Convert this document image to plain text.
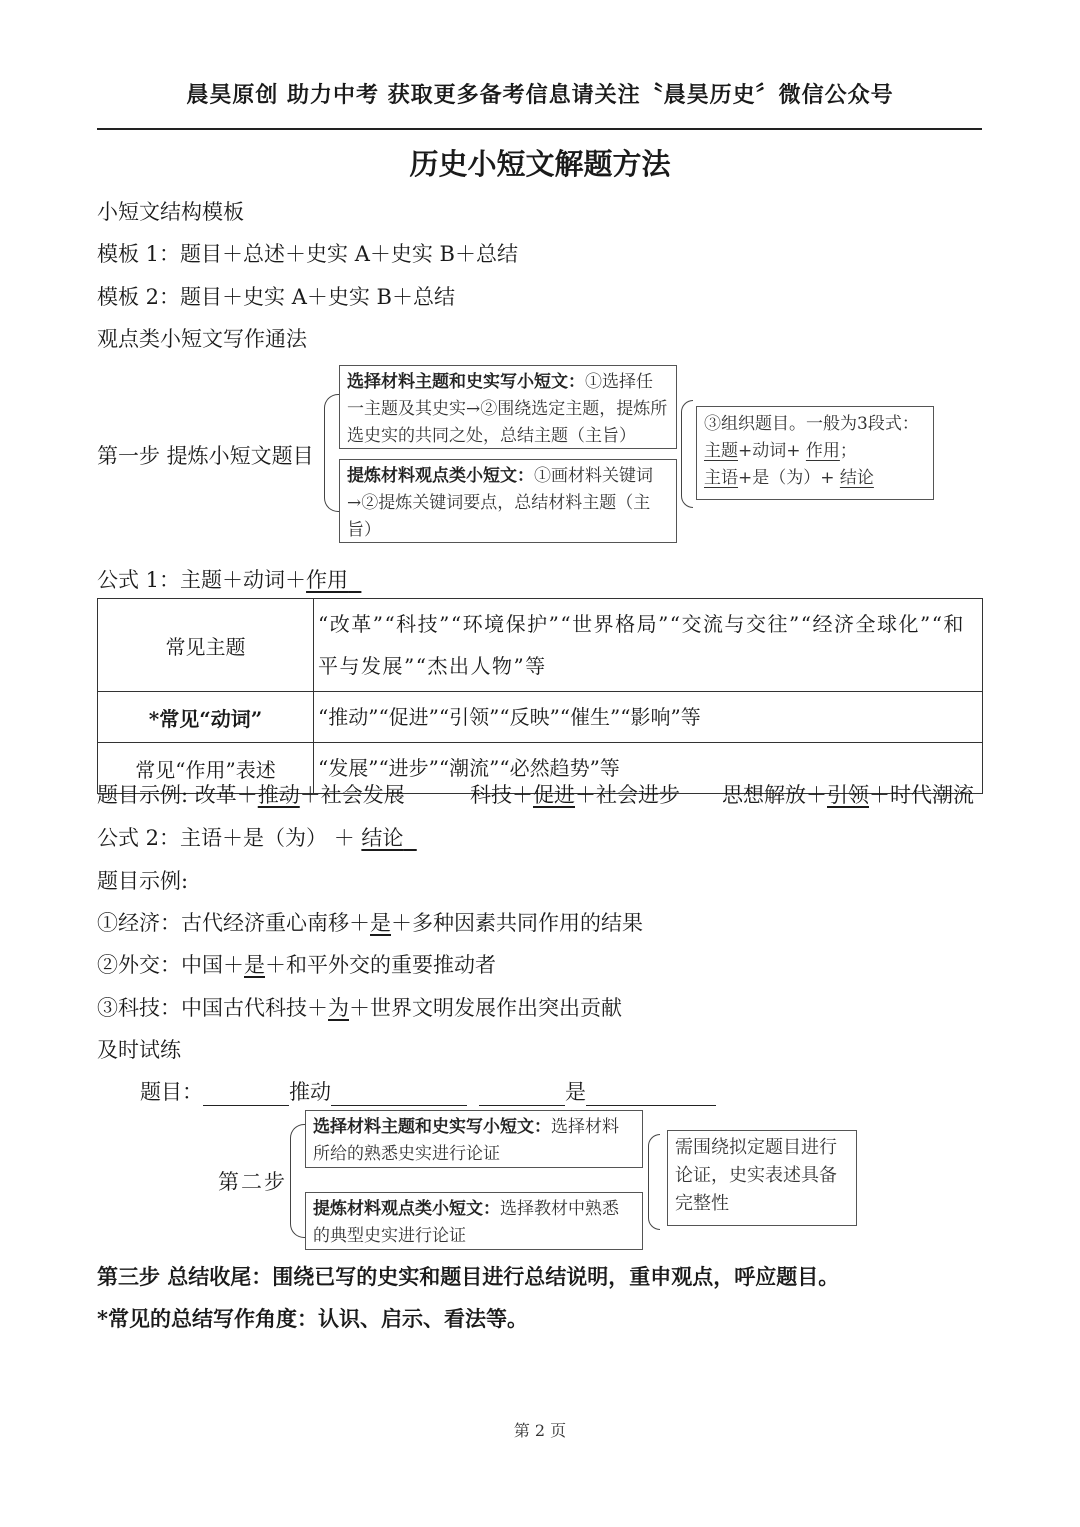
晨昊原创 助力中考 获取更多备考信息请关注〝晨昊历史〞微信公众号
历史小短文解题方法
小短文结构模板
模板 1：题目＋总述＋史实 A＋史实 B＋总结
模板 2：题目＋史实 A＋史实 B＋总结
观点类小短文写作通法
第一步 提炼小短文题目
选择材料主题和史实写小短文：①选择任一主题及其史实→②围绕选定主题，提炼所选史实的共同之处，总结主题（主旨）
提炼材料观点类小短文：①画材料关键词→②提炼关键词要点，总结材料主题（主旨）
③组织题目。一般为3段式：
主题+动词+ 作用；
主语+是（为）+ 结论
公式 1：主题＋动词＋作用
常见主题	“改革”“科技”“环境保护”“世界格局”“交流与交往”“经济全球化”“和平与发展”“杰出人物”等
*常见“动词”	“推动”“促进”“引领”“反映”“催生”“影响”等
常见“作用”表述	“发展”“进步”“潮流”“必然趋势”等
题目示例: 改革＋推动＋社会发展	科技＋促进＋社会进步 思想解放＋引领＋时代潮流
公式 2：主语＋是（为） ＋ 结论
题目示例:
①经济：古代经济重心南移＋是＋多种因素共同作用的结果
②外交：中国＋是＋和平外交的重要推动者
③科技：中国古代科技＋为＋世界文明发展作出突出贡献
及时试练
题目：	推动	是
第二步
选择材料主题和史实写小短文：选择材料所给的熟悉史实进行论证
提炼材料观点类小短文：选择教材中熟悉的典型史实进行论证
需围绕拟定题目进行论证，史实表述具备完整性
第三步 总结收尾：围绕已写的史实和题目进行总结说明，重申观点，呼应题目。
*常见的总结写作角度：认识、启示、看法等。
第 2 页
